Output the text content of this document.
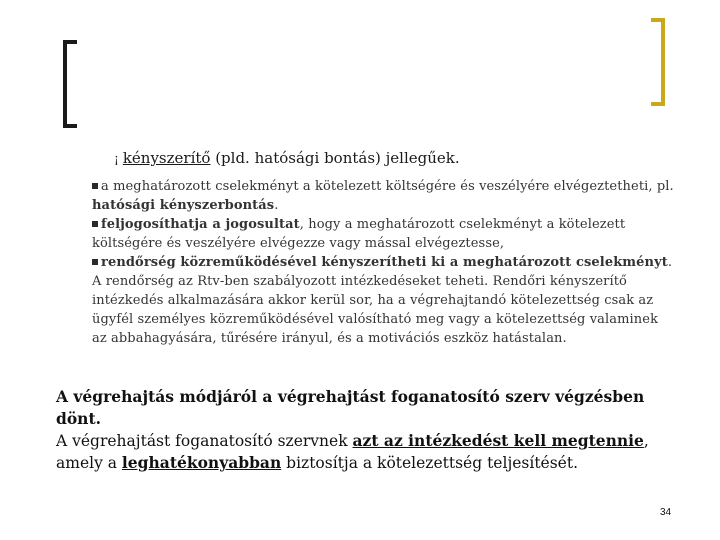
¡ kényszerítő (pld. hatósági bontás) jellegűek.
a meghatározott cselekményt a kötelezett költségére és veszélyére elvégeztetheti, pl.
hatósági kényszerbontás.
feljogosíthatja a jogosultat, hogy a meghatározott cselekményt a kötelezett költségére és veszélyére elvégezze vagy mással elvégeztesse,
rendőrség közreműködésével kényszerítheti ki a meghatározott cselekményt. A rendőrség az Rtv-ben szabályozott intézkedéseket teheti. Rendőri kényszerítő intézkedés alkalmazására akkor kerül sor, ha a végrehajtandó kötelezettség csak az ügyfél személyes közreműködésével valósítható meg vagy a kötelezettség valaminek az abbahagyására, tűrésére irányul, és a motivációs eszköz hatástalan.
A végrehajtás módjáról a végrehajtást foganatosító szerv végzésben dönt.
A végrehajtást foganatosító szervnek azt az intézkedést kell megtennie, amely a leghatékonyabban biztosítja a kötelezettség teljesítését.
34
